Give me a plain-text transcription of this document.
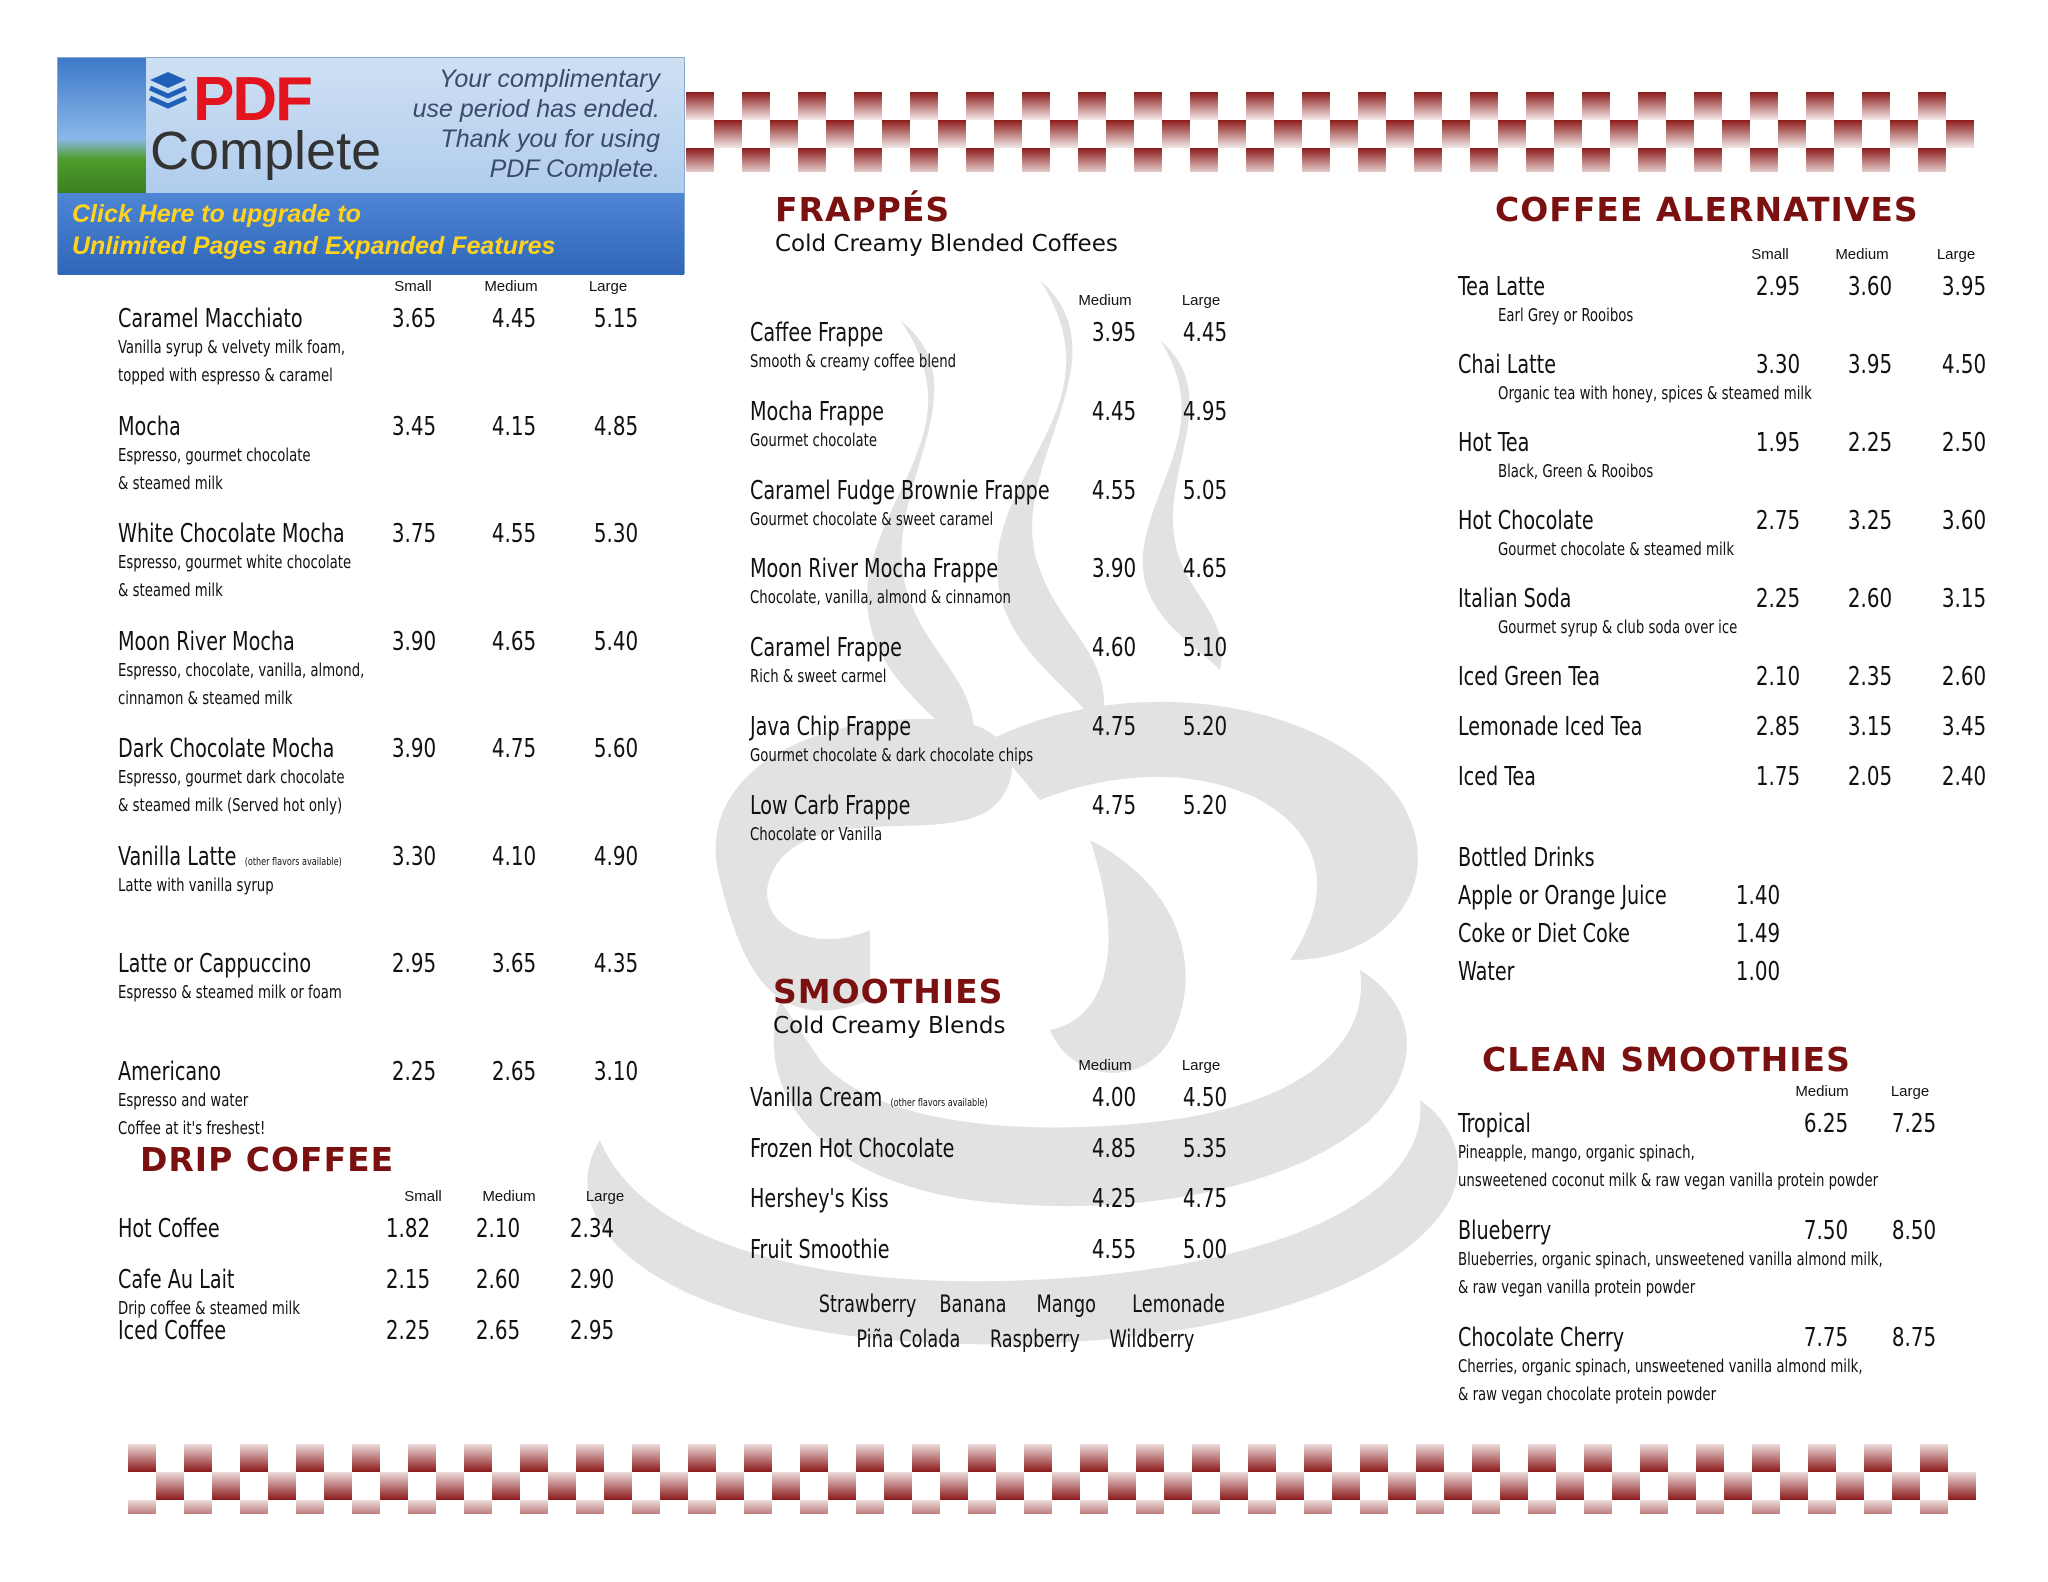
PDF
Complete
Your complimentary
use period has ended.
Thank you for using
PDF Complete.
Click Here to upgrade to
Unlimited Pages and Expanded Features
Small	Medium	Large
Caramel Macchiato	3.65	4.45	5.15
Vanilla syrup & velvety milk foam,
topped with espresso & caramel
Mocha	3.45	4.15	4.85
Espresso, gourmet chocolate
& steamed milk
White Chocolate Mocha	3.75	4.55	5.30
Espresso, gourmet white chocolate
& steamed milk
Moon River Mocha	3.90	4.65	5.40
Espresso, chocolate, vanilla, almond,
cinnamon & steamed milk
Dark Chocolate Mocha	3.90	4.75	5.60
Espresso, gourmet dark chocolate
& steamed milk (Served hot only)
Vanilla Latte (other flavors available)	3.30	4.10	4.90
Latte with vanilla syrup
Latte or Cappuccino	2.95	3.65	4.35
Espresso & steamed milk or foam
Americano	2.25	2.65	3.10
Espresso and water
Coffee at it's freshest!
DRIP COFFEE
Small	Medium	Large
Hot Coffee	1.82	2.10	2.34
Cafe Au Lait	2.15	2.60	2.90
Drip coffee & steamed milk
Iced Coffee	2.25	2.65	2.95
FRAPPÉS
Cold Creamy Blended Coffees
Medium	Large
Caffee Frappe	3.95	4.45
Smooth & creamy coffee blend
Mocha Frappe	4.45	4.95
Gourmet chocolate
Caramel Fudge Brownie Frappe	4.55	5.05
Gourmet chocolate & sweet caramel
Moon River Mocha Frappe	3.90	4.65
Chocolate, vanilla, almond & cinnamon
Caramel Frappe	4.60	5.10
Rich & sweet carmel
Java Chip Frappe	4.75	5.20
Gourmet chocolate & dark chocolate chips
Low Carb Frappe	4.75	5.20
Chocolate or Vanilla
SMOOTHIES
Cold Creamy Blends
Medium	Large
Vanilla Cream (other flavors available)	4.00	4.50
Frozen Hot Chocolate	4.85	5.35
Hershey's Kiss	4.25	4.75
Fruit Smoothie	4.55	5.00
Strawberry Banana Mango Lemonade
Piña Colada Raspberry Wildberry
COFFEE ALERNATIVES
Small	Medium	Large
Tea Latte	2.95	3.60	3.95
Earl Grey or Rooibos
Chai Latte	3.30	3.95	4.50
Organic tea with honey, spices & steamed milk
Hot Tea	1.95	2.25	2.50
Black, Green & Rooibos
Hot Chocolate	2.75	3.25	3.60
Gourmet chocolate & steamed milk
Italian Soda	2.25	2.60	3.15
Gourmet syrup & club soda over ice
Iced Green Tea	2.10	2.35	2.60
Lemonade Iced Tea	2.85	3.15	3.45
Iced Tea	1.75	2.05	2.40
Bottled Drinks
Apple or Orange Juice	1.40
Coke or Diet Coke	1.49
Water	1.00
CLEAN SMOOTHIES
Medium	Large
Tropical	6.25	7.25
Pineapple, mango, organic spinach,
unsweetened coconut milk & raw vegan vanilla protein powder
Blueberry	7.50	8.50
Blueberries, organic spinach, unsweetened vanilla almond milk,
& raw vegan vanilla protein powder
Chocolate Cherry	7.75	8.75
Cherries, organic spinach, unsweetened vanilla almond milk,
& raw vegan chocolate protein powder
